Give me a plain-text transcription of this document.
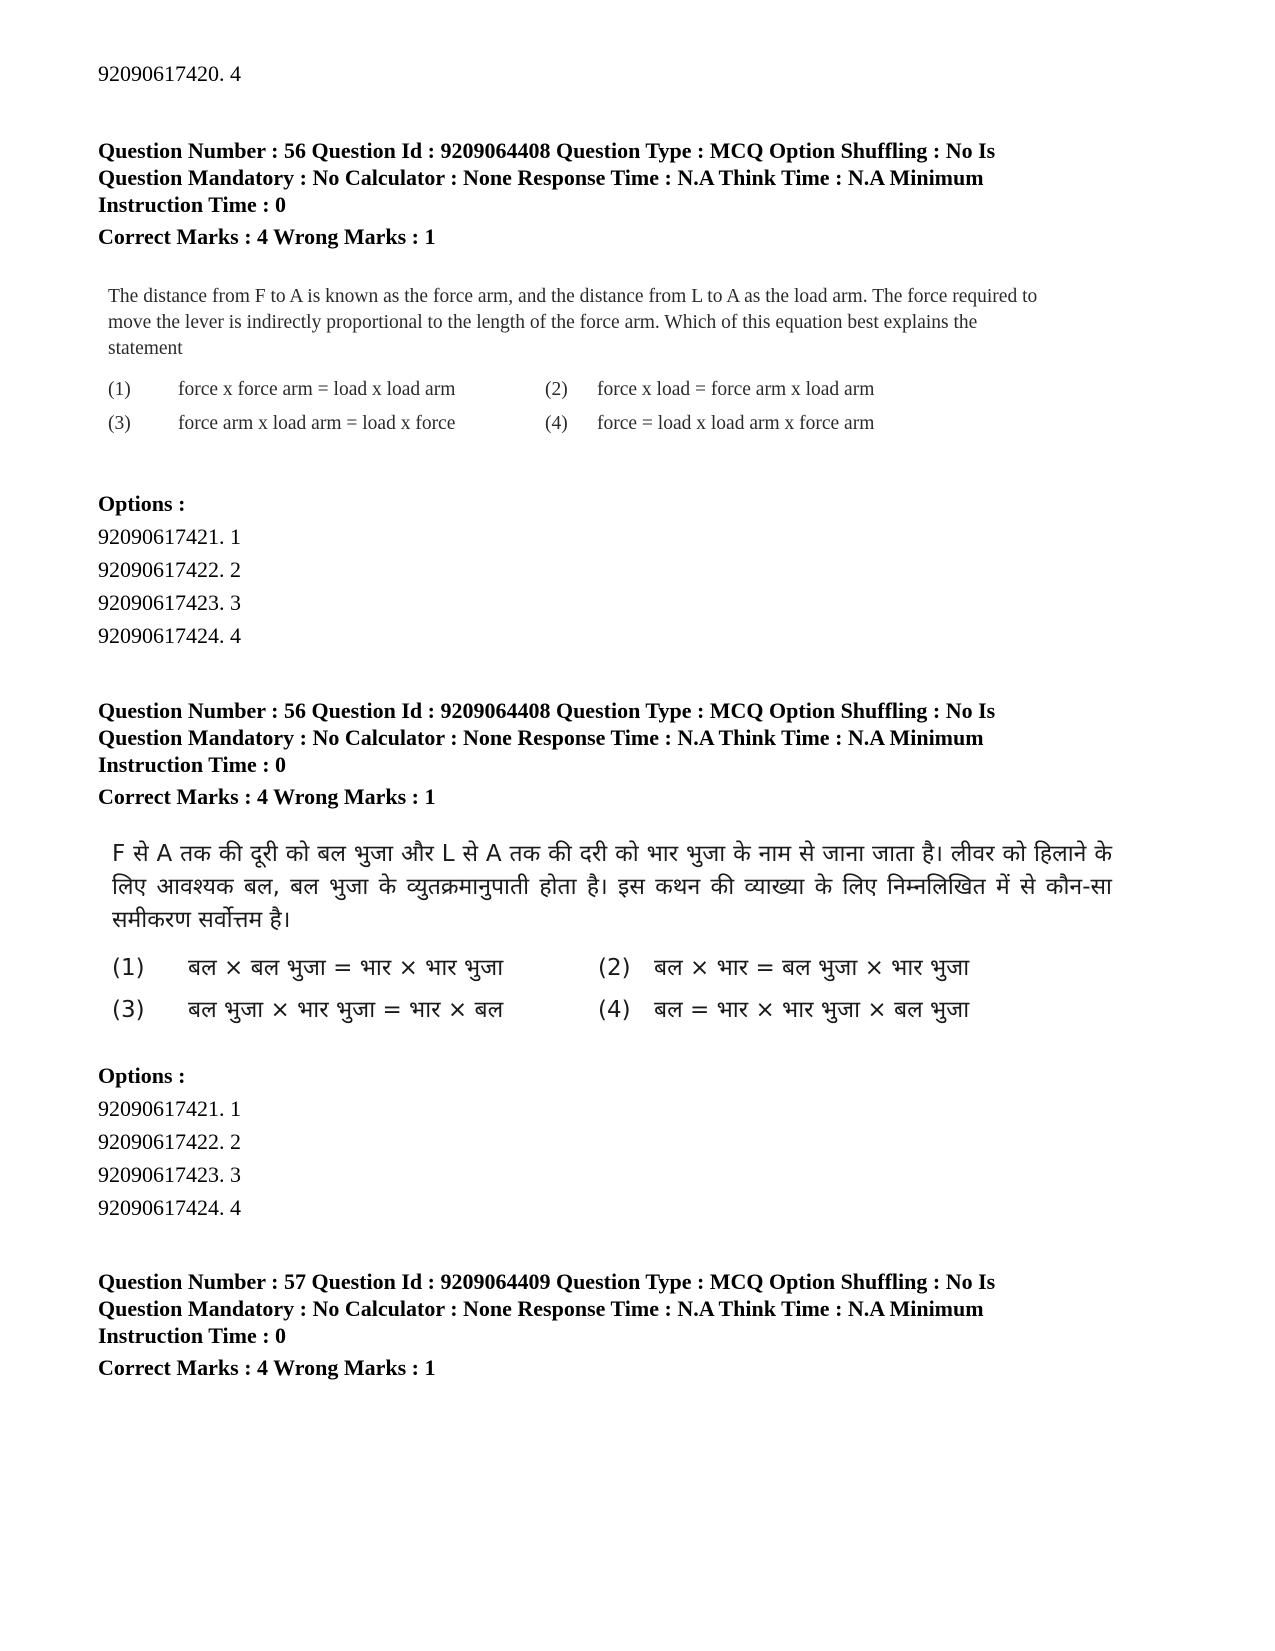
92090617420. 4
Question Number : 56 Question Id : 9209064408 Question Type : MCQ Option Shuffling : No Is
Question Mandatory : No Calculator : None Response Time : N.A Think Time : N.A Minimum
Instruction Time : 0
Correct Marks : 4 Wrong Marks : 1
The distance from F to A is known as the force arm, and the distance from L to A as the load arm. The force required to move the lever is indirectly proportional to the length of the force arm. Which of this equation best explains the statement
(1) force x force arm = load x load arm	(2) force x load = force arm x load arm
(3) force arm x load arm = load x force	(4) force = load x load arm x force arm
Options :
92090617421. 1
92090617422. 2
92090617423. 3
92090617424. 4
Question Number : 56 Question Id : 9209064408 Question Type : MCQ Option Shuffling : No Is
Question Mandatory : No Calculator : None Response Time : N.A Think Time : N.A Minimum
Instruction Time : 0
Correct Marks : 4 Wrong Marks : 1
F से A तक की दूरी को बल भुजा और L से A तक की दरी को भार भुजा के नाम से जाना जाता है। लीवर को हिलाने के लिए आवश्यक बल, बल भुजा के व्युतक्रमानुपाती होता है। इस कथन की व्याख्या के लिए निम्नलिखित में से कौन-सा समीकरण सर्वोत्तम है।
(1) बल × बल भुजा = भार × भार भुजा	(2) बल × भार = बल भुजा × भार भुजा
(3) बल भुजा × भार भुजा = भार × बल	(4) बल = भार × भार भुजा × बल भुजा
Options :
92090617421. 1
92090617422. 2
92090617423. 3
92090617424. 4
Question Number : 57 Question Id : 9209064409 Question Type : MCQ Option Shuffling : No Is
Question Mandatory : No Calculator : None Response Time : N.A Think Time : N.A Minimum
Instruction Time : 0
Correct Marks : 4 Wrong Marks : 1
